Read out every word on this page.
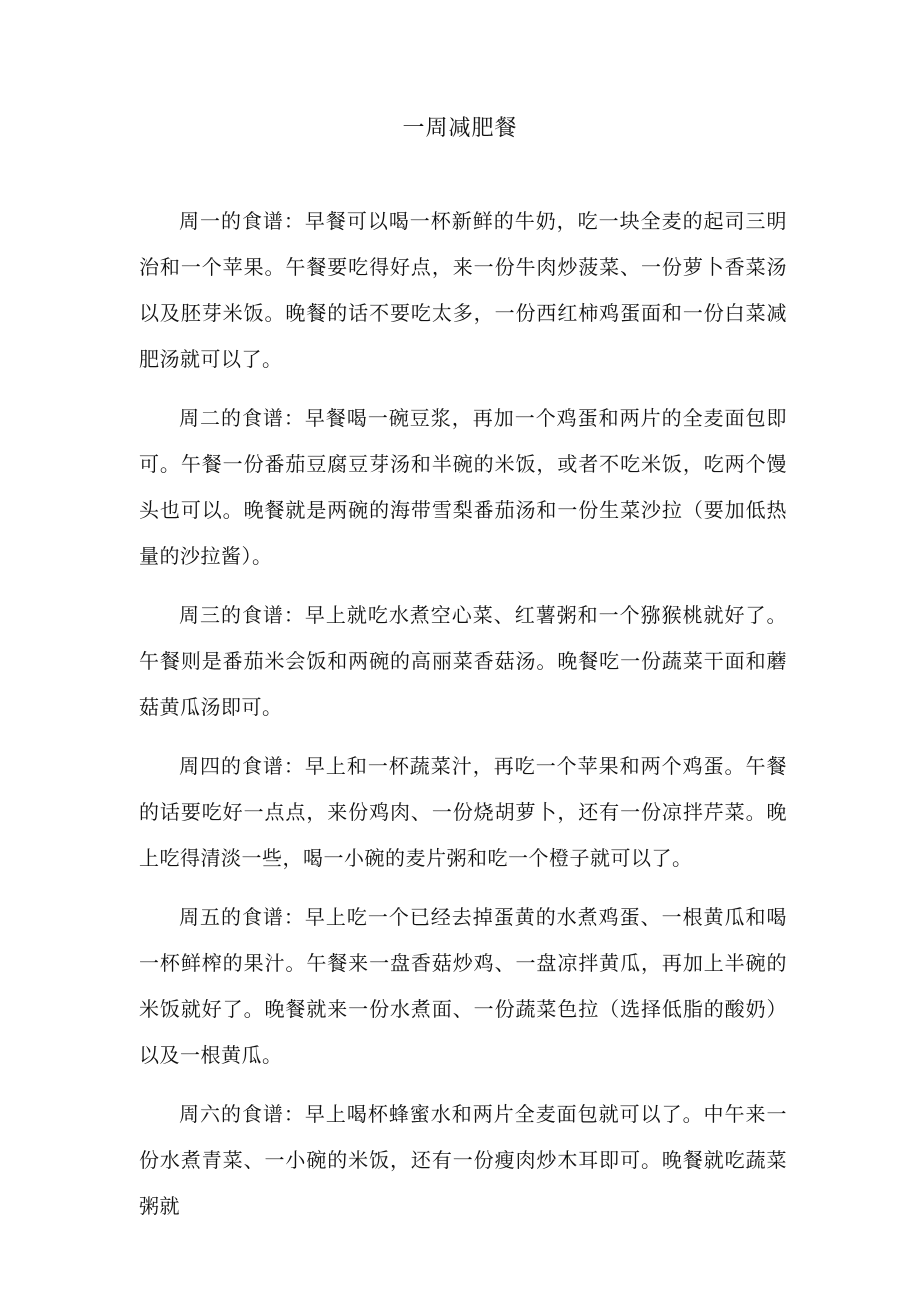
一周减肥餐

周一的食谱：早餐可以喝一杯新鲜的牛奶，吃一块全麦的起司三明治和一个苹果。午餐要吃得好点，来一份牛肉炒菠菜、一份萝卜香菜汤以及胚芽米饭。晚餐的话不要吃太多，一份西红柿鸡蛋面和一份白菜减肥汤就可以了。

周二的食谱：早餐喝一碗豆浆，再加一个鸡蛋和两片的全麦面包即可。午餐一份番茄豆腐豆芽汤和半碗的米饭，或者不吃米饭，吃两个馒头也可以。晚餐就是两碗的海带雪梨番茄汤和一份生菜沙拉（要加低热量的沙拉酱）。

周三的食谱：早上就吃水煮空心菜、红薯粥和一个猕猴桃就好了。午餐则是番茄米会饭和两碗的高丽菜香菇汤。晚餐吃一份蔬菜干面和蘑菇黄瓜汤即可。

周四的食谱：早上和一杯蔬菜汁，再吃一个苹果和两个鸡蛋。午餐的话要吃好一点点，来份鸡肉、一份烧胡萝卜，还有一份凉拌芹菜。晚上吃得清淡一些，喝一小碗的麦片粥和吃一个橙子就可以了。

周五的食谱：早上吃一个已经去掉蛋黄的水煮鸡蛋、一根黄瓜和喝一杯鲜榨的果汁。午餐来一盘香菇炒鸡、一盘凉拌黄瓜，再加上半碗的米饭就好了。晚餐就来一份水煮面、一份蔬菜色拉（选择低脂的酸奶）以及一根黄瓜。

周六的食谱：早上喝杯蜂蜜水和两片全麦面包就可以了。中午来一份水煮青菜、一小碗的米饭，还有一份瘦肉炒木耳即可。晚餐就吃蔬菜粥就
